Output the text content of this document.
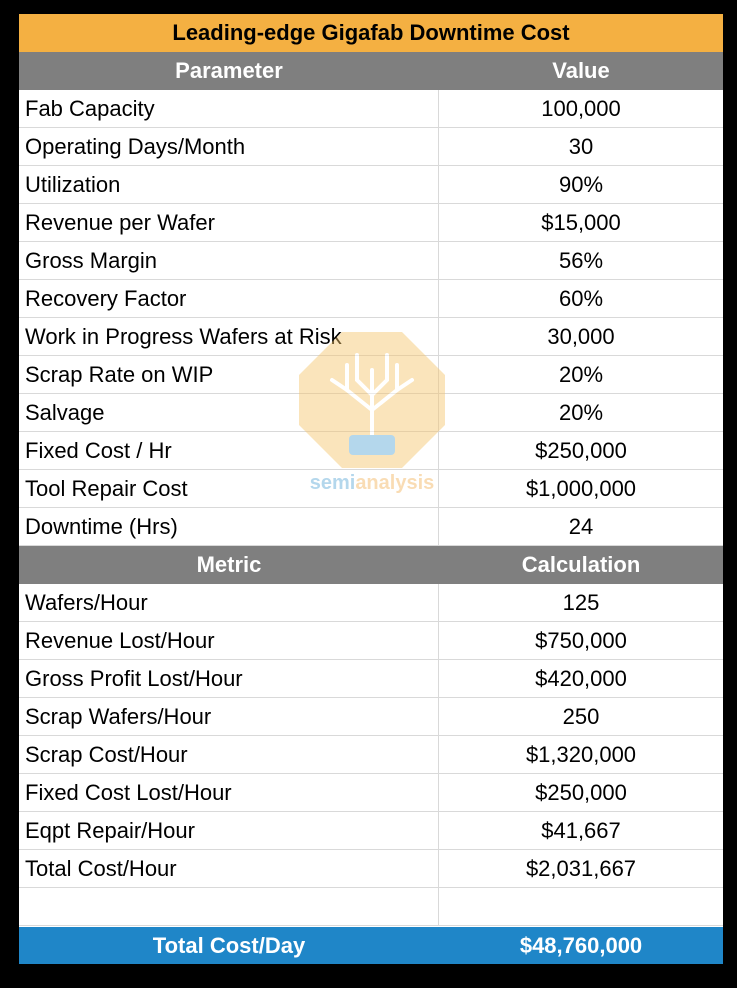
Leading-edge Gigafab Downtime Cost
Parameter	Value
Fab Capacity	100,000
Operating Days/Month	30
Utilization	90%
Revenue per Wafer	$15,000
Gross Margin	56%
Recovery Factor	60%
Work in Progress Wafers at Risk	30,000
Scrap Rate on WIP	20%
Salvage	20%
Fixed Cost / Hr	$250,000
Tool Repair Cost	$1,000,000
Downtime (Hrs)	24
Metric	Calculation
Wafers/Hour	125
Revenue Lost/Hour	$750,000
Gross Profit Lost/Hour	$420,000
Scrap Wafers/Hour	250
Scrap Cost/Hour	$1,320,000
Fixed Cost Lost/Hour	$250,000
Eqpt Repair/Hour	$41,667
Total Cost/Hour	$2,031,667
Total Cost/Day	$48,760,000
semianalysis
